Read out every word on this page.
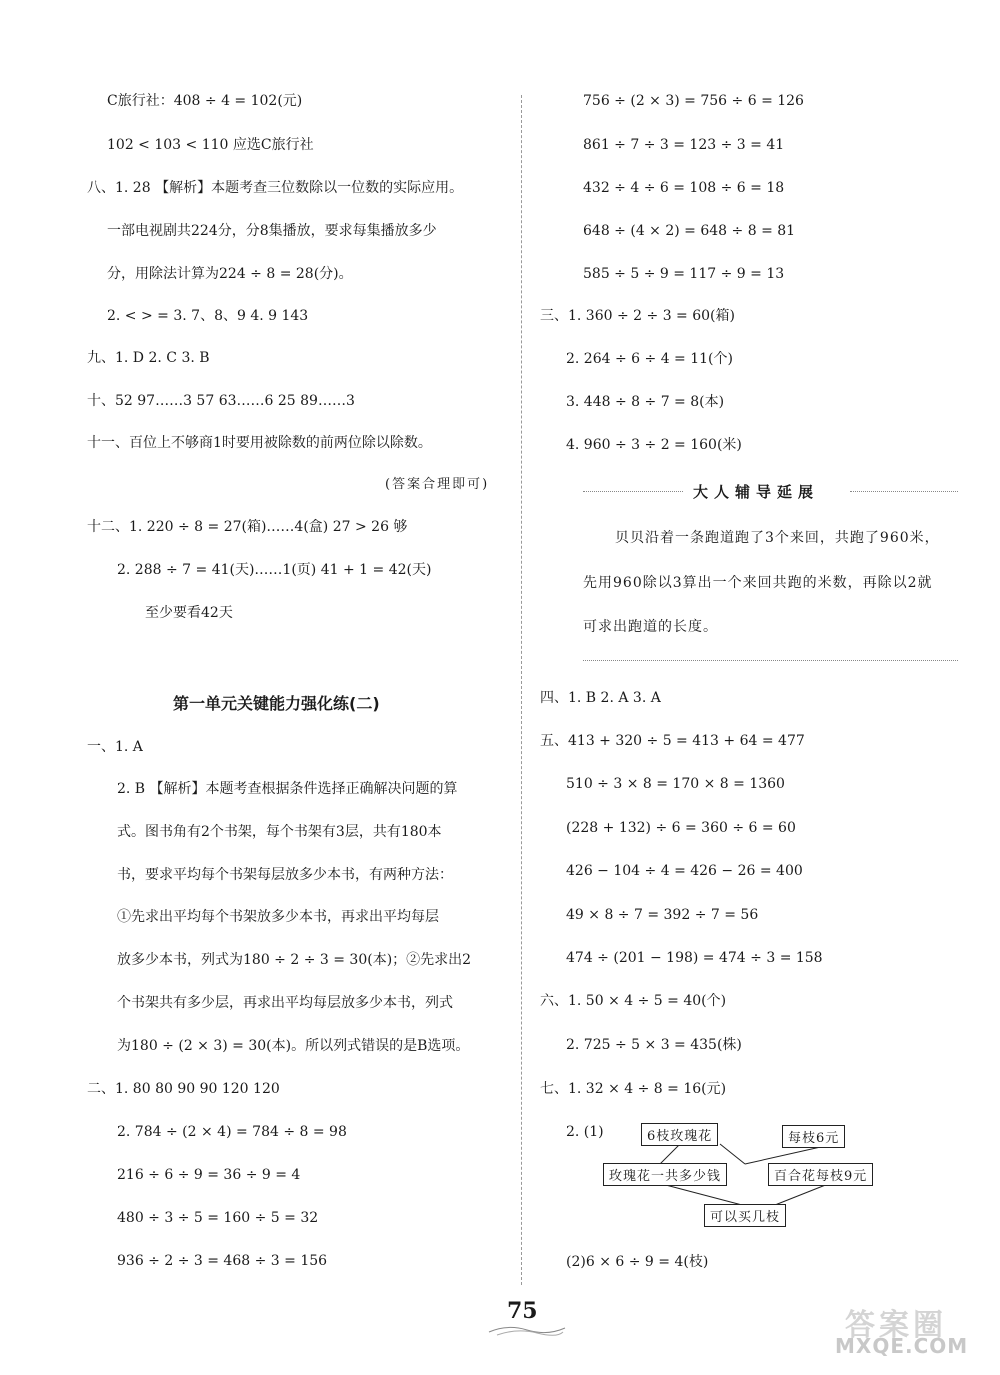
C旅行社：408 ÷ 4 = 102(元)
102 < 103 < 110 应选C旅行社
八、1. 28 【解析】本题考查三位数除以一位数的实际应用。
一部电视剧共224分，分8集播放，要求每集播放多少
分，用除法计算为224 ÷ 8 = 28(分)。
2. < > = 3. 7、8、9 4. 9 143
九、1. D 2. C 3. B
十、52 97……3 57 63……6 25 89……3
十一、百位上不够商1时要用被除数的前两位除以除数。
(答案合理即可)
十二、1. 220 ÷ 8 = 27(箱)……4(盒) 27 > 26 够
2. 288 ÷ 7 = 41(天)……1(页) 41 + 1 = 42(天)
至少要看42天
第一单元关键能力强化练(二)
一、1. A
2. B 【解析】本题考查根据条件选择正确解决问题的算
式。图书角有2个书架，每个书架有3层，共有180本
书，要求平均每个书架每层放多少本书，有两种方法：
①先求出平均每个书架放多少本书，再求出平均每层
放多少本书，列式为180 ÷ 2 ÷ 3 = 30(本)；②先求出2
个书架共有多少层，再求出平均每层放多少本书，列式
为180 ÷ (2 × 3) = 30(本)。所以列式错误的是B选项。
二、1. 80 80 90 90 120 120
2. 784 ÷ (2 × 4) = 784 ÷ 8 = 98
216 ÷ 6 ÷ 9 = 36 ÷ 9 = 4
480 ÷ 3 ÷ 5 = 160 ÷ 5 = 32
936 ÷ 2 ÷ 3 = 468 ÷ 3 = 156
756 ÷ (2 × 3) = 756 ÷ 6 = 126
861 ÷ 7 ÷ 3 = 123 ÷ 3 = 41
432 ÷ 4 ÷ 6 = 108 ÷ 6 = 18
648 ÷ (4 × 2) = 648 ÷ 8 = 81
585 ÷ 5 ÷ 9 = 117 ÷ 9 = 13
三、1. 360 ÷ 2 ÷ 3 = 60(箱)
2. 264 ÷ 6 ÷ 4 = 11(个)
3. 448 ÷ 8 ÷ 7 = 8(本)
4. 960 ÷ 3 ÷ 2 = 160(米)
大人辅导延展
贝贝沿着一条跑道跑了3个来回，共跑了960米，
先用960除以3算出一个来回共跑的米数，再除以2就
可求出跑道的长度。
四、1. B 2. A 3. A
五、413 + 320 ÷ 5 = 413 + 64 = 477
510 ÷ 3 × 8 = 170 × 8 = 1360
(228 + 132) ÷ 6 = 360 ÷ 6 = 60
426 − 104 ÷ 4 = 426 − 26 = 400
49 × 8 ÷ 7 = 392 ÷ 7 = 56
474 ÷ (201 − 198) = 474 ÷ 3 = 158
六、1. 50 × 4 ÷ 5 = 40(个)
2. 725 ÷ 5 × 3 = 435(株)
七、1. 32 × 4 ÷ 8 = 16(元)
2. (1)	6枝玫瑰花	每枝6元
玫瑰花一共多少钱	百合花每枝9元
可以买几枝
(2)6 × 6 ÷ 9 = 4(枝)
75	答案圈
MXQE.COM
